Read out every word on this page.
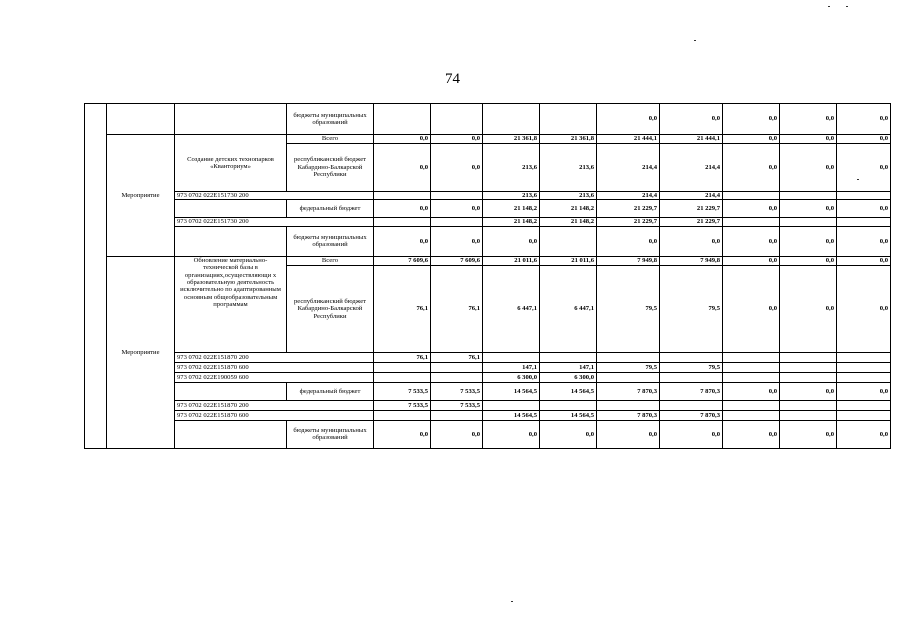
74
			бюджеты муниципальных образований					0,0	0,0	0,0	0,0	0,0
	Мероприятие	Создание детских технопарков «Кванториум»	Всего	0,0	0,0	21 361,8	21 361,8	21 444,1	21 444,1	0,0	0,0	0,0
			республиканский бюджет Кабардино-Балкарской Республики	0,0	0,0	213,6	213,6	214,4	214,4	0,0	0,0	0,0
		973 0702 022E151730 200				213,6	213,6	214,4	214,4			
			федеральный бюджет	0,0	0,0	21 148,2	21 148,2	21 229,7	21 229,7	0,0	0,0	0,0
		973 0702 022E151730 200				21 148,2	21 148,2	21 229,7	21 229,7			
			бюджеты муниципальных образований	0,0	0,0	0,0		0,0	0,0	0,0	0,0	0,0
	Мероприятие	Обновление материально-технической базы в организациях,осуществляющи х образовательную деятельность исключительно по адаптированным основным общеобразовательным программам	Всего	7 609,6	7 609,6	21 011,6	21 011,6	7 949,8	7 949,8	0,0	0,0	0,0
			республиканский бюджет Кабардино-Балкарской Республики	76,1	76,1	6 447,1	6 447,1	79,5	79,5	0,0	0,0	0,0
		973 0702 022E151870 200		76,1	76,1							
		973 0702 022E151870 600				147,1	147,1	79,5	79,5			
		973 0702 022E190059 600				6 300,0	6 300,0					
			федеральный бюджет	7 533,5	7 533,5	14 564,5	14 564,5	7 870,3	7 870,3	0,0	0,0	0,0
		973 0702 022E151870 200		7 533,5	7 533,5							
		973 0702 022E151870 600				14 564,5	14 564,5	7 870,3	7 870,3			
			бюджеты муниципальных образований	0,0	0,0	0,0	0,0	0,0	0,0	0,0	0,0	0,0
